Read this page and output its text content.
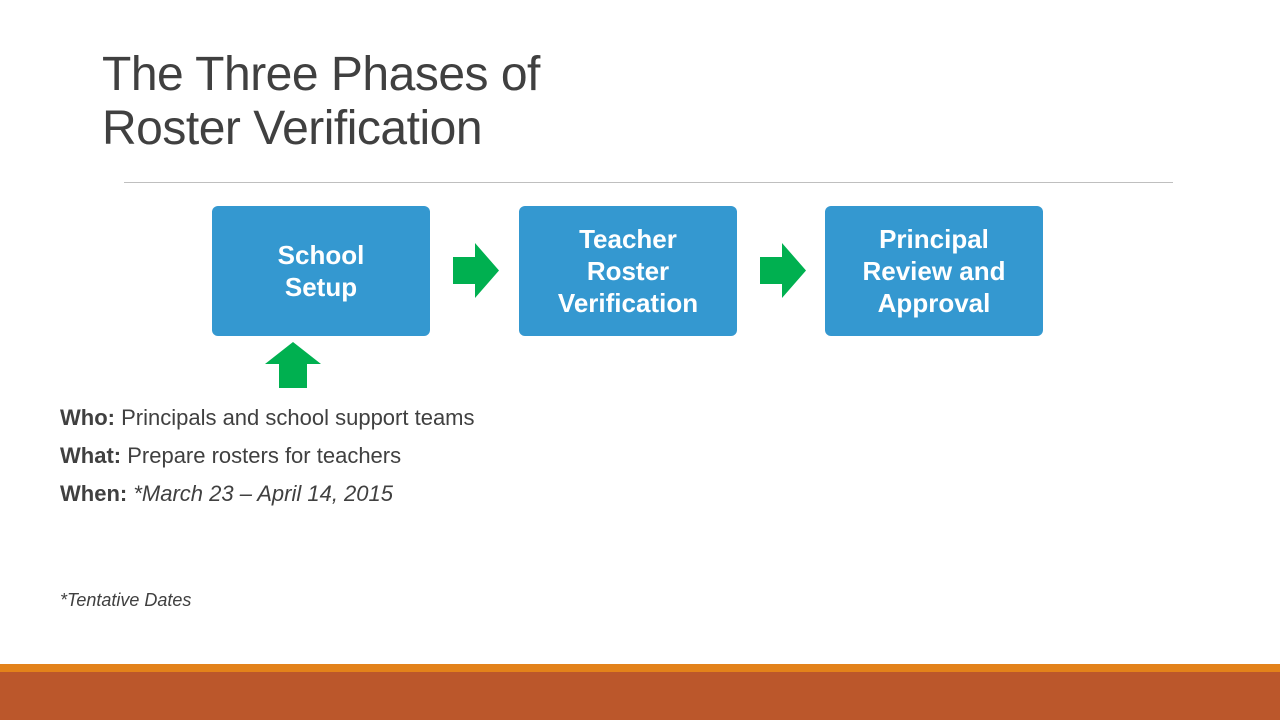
The Three Phases of
Roster Verification
School
Setup
Teacher
Roster
Verification
Principal
Review and
Approval

Who: Principals and school support teams

What: Prepare rosters for teachers

When: *March 23 – April 14, 2015

*Tentative Dates
